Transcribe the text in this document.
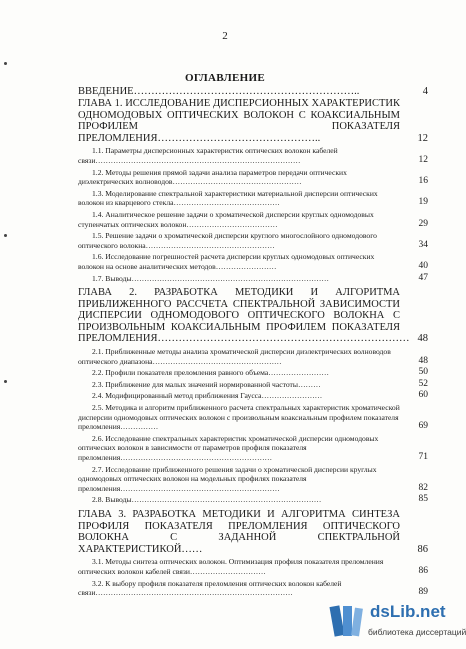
2
ОГЛАВЛЕНИЕ
ВВЕДЕНИЕ………………………………………………………..	4
ГЛАВА 1. ИССЛЕДОВАНИЕ ДИСПЕРСИОННЫХ ХАРАКТЕРИСТИК ОДНОМОДОВЫХ ОПТИЧЕСКИХ ВОЛОКОН С КОАКСИАЛЬНЫМ ПРОФИЛЕМ ПОКАЗАТЕЛЯ ПРЕЛОМЛЕНИЯ………………………………………..	12
1.1. Параметры дисперсионных характеристик оптических волокон кабелей связи………………………………………………………………………	12
1.2. Методы решения прямой задачи анализа параметров передачи оптических диэлектрических волноводов……………………………………………	16
1.3. Моделирование спектральной характеристики материальной дисперсии оптических волокон из кварцевого стекла……………………………………	19
1.4. Аналитическое решение задачи о хроматической дисперсии круглых одномодовых ступенчатых оптических волокон………………………………	29
1.5. Решение задачи о хроматической дисперсии круглого многослойного одномодового оптического волокна……………………………………………	34
1.6. Исследование погрешностей расчета дисперсии круглых одномодовых оптических волокон на основе аналитических методов……………………	40
1.7. Выводы……………………………………………………………………	47
ГЛАВА 2. РАЗРАБОТКА МЕТОДИКИ И АЛГОРИТМА ПРИБЛИЖЕННОГО РАССЧЕТА СПЕКТРАЛЬНОЙ ЗАВИСИМОСТИ ДИСПЕРСИИ ОДНОМОДОВОГО ОПТИЧЕСКОГО ВОЛОКНА С ПРОИЗВОЛЬНЫМ КОАКСИАЛЬНЫМ ПРОФИЛЕМ ПОКАЗАТЕЛЯ ПРЕЛОМЛЕНИЯ……………………………………………………………… 48
2.1. Приближенные методы анализа хроматической дисперсии диэлектрических волноводов оптического диапазона……………………………………………	48
2.2. Профили показателя преломления равного объема……………………	50
2.3. Приближение для малых значений нормированной частоты………	52
2.4. Модифицированный метод приближения Гаусса……………………	60
2.5. Методика и алгоритм приближенного расчета спектральных характеристик хроматической дисперсии одномодовых оптических волокон с произвольным коаксиальным профилем показателя преломления……………	69
2.6. Исследование спектральных характеристик хроматической дисперсии одномодовых оптических волокон в зависимости от параметров профиля показателя преломления……………………………………………………	71
2.7. Исследование приближенного решения задачи о хроматической дисперсии круглых одномодовых оптических волокон на модельных профилях показателя преломления………………………………………………………	82
2.8. Выводы…………………………………………………………………	85
ГЛАВА 3. РАЗРАБОТКА МЕТОДИКИ И АЛГОРИТМА СИНТЕЗА ПРОФИЛЯ ПОКАЗАТЕЛЯ ПРЕЛОМЛЕНИЯ ОПТИЧЕСКОГО ВОЛОКНА С ЗАДАННОЙ СПЕКТРАЛЬНОЙ ХАРАКТЕРИСТИКОЙ……	86
3.1. Методы синтеза оптических волокон. Оптимизация профиля показателя преломления оптических волокон кабелей связи…………………………	86
3.2. К выбору профиля показателя преломления оптических волокон кабелей связи……………………………………………………………………	89
dsLib.net
библиотека диссертаций
